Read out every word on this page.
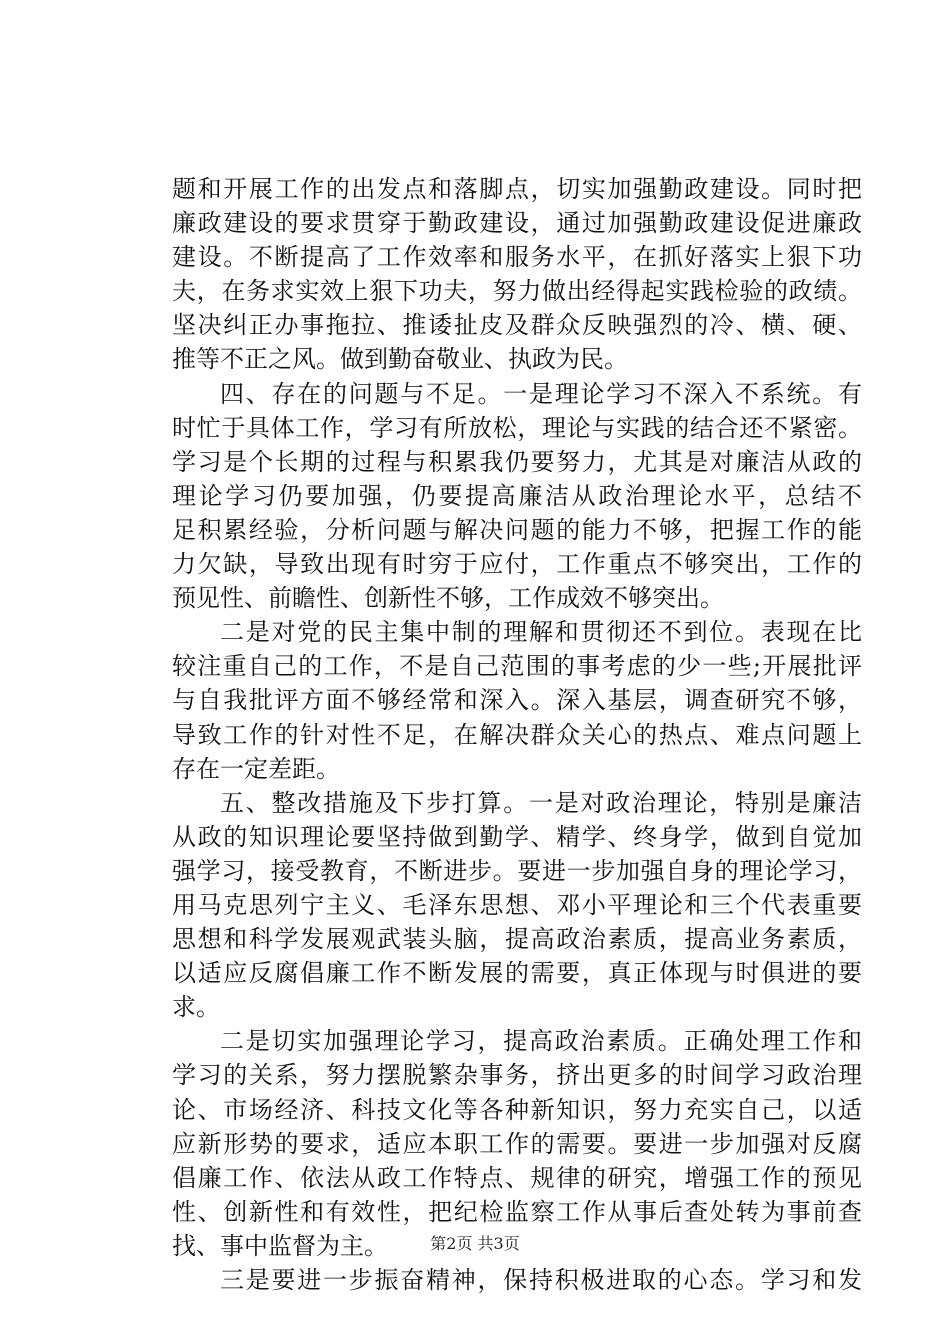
题和开展工作的出发点和落脚点，切实加强勤政建设。同时把
廉政建设的要求贯穿于勤政建设，通过加强勤政建设促进廉政
建设。不断提高了工作效率和服务水平，在抓好落实上狠下功
夫，在务求实效上狠下功夫，努力做出经得起实践检验的政绩。
坚决纠正办事拖拉、推诿扯皮及群众反映强烈的冷、横、硬、
推等不正之风。做到勤奋敬业、执政为民。
四、存在的问题与不足。一是理论学习不深入不系统。有
时忙于具体工作，学习有所放松，理论与实践的结合还不紧密。
学习是个长期的过程与积累我仍要努力，尤其是对廉洁从政的
理论学习仍要加强，仍要提高廉洁从政治理论水平，总结不
足积累经验，分析问题与解决问题的能力不够，把握工作的能
力欠缺，导致出现有时穷于应付，工作重点不够突出，工作的
预见性、前瞻性、创新性不够，工作成效不够突出。
二是对党的民主集中制的理解和贯彻还不到位。表现在比
较注重自己的工作，不是自己范围的事考虑的少一些;开展批评
与自我批评方面不够经常和深入。深入基层，调查研究不够，
导致工作的针对性不足，在解决群众关心的热点、难点问题上
存在一定差距。
五、整改措施及下步打算。一是对政治理论，特别是廉洁
从政的知识理论要坚持做到勤学、精学、终身学，做到自觉加
强学习，接受教育，不断进步。要进一步加强自身的理论学习，
用马克思列宁主义、毛泽东思想、邓小平理论和三个代表重要
思想和科学发展观武装头脑，提高政治素质，提高业务素质，
以适应反腐倡廉工作不断发展的需要，真正体现与时俱进的要
求。
二是切实加强理论学习，提高政治素质。正确处理工作和
学习的关系，努力摆脱繁杂事务，挤出更多的时间学习政治理
论、市场经济、科技文化等各种新知识，努力充实自己，以适
应新形势的要求，适应本职工作的需要。要进一步加强对反腐
倡廉工作、依法从政工作特点、规律的研究，增强工作的预见
性、创新性和有效性，把纪检监察工作从事后查处转为事前查
找、事中监督为主。
三是要进一步振奋精神，保持积极进取的心态。学习和发
第2页 共3页
